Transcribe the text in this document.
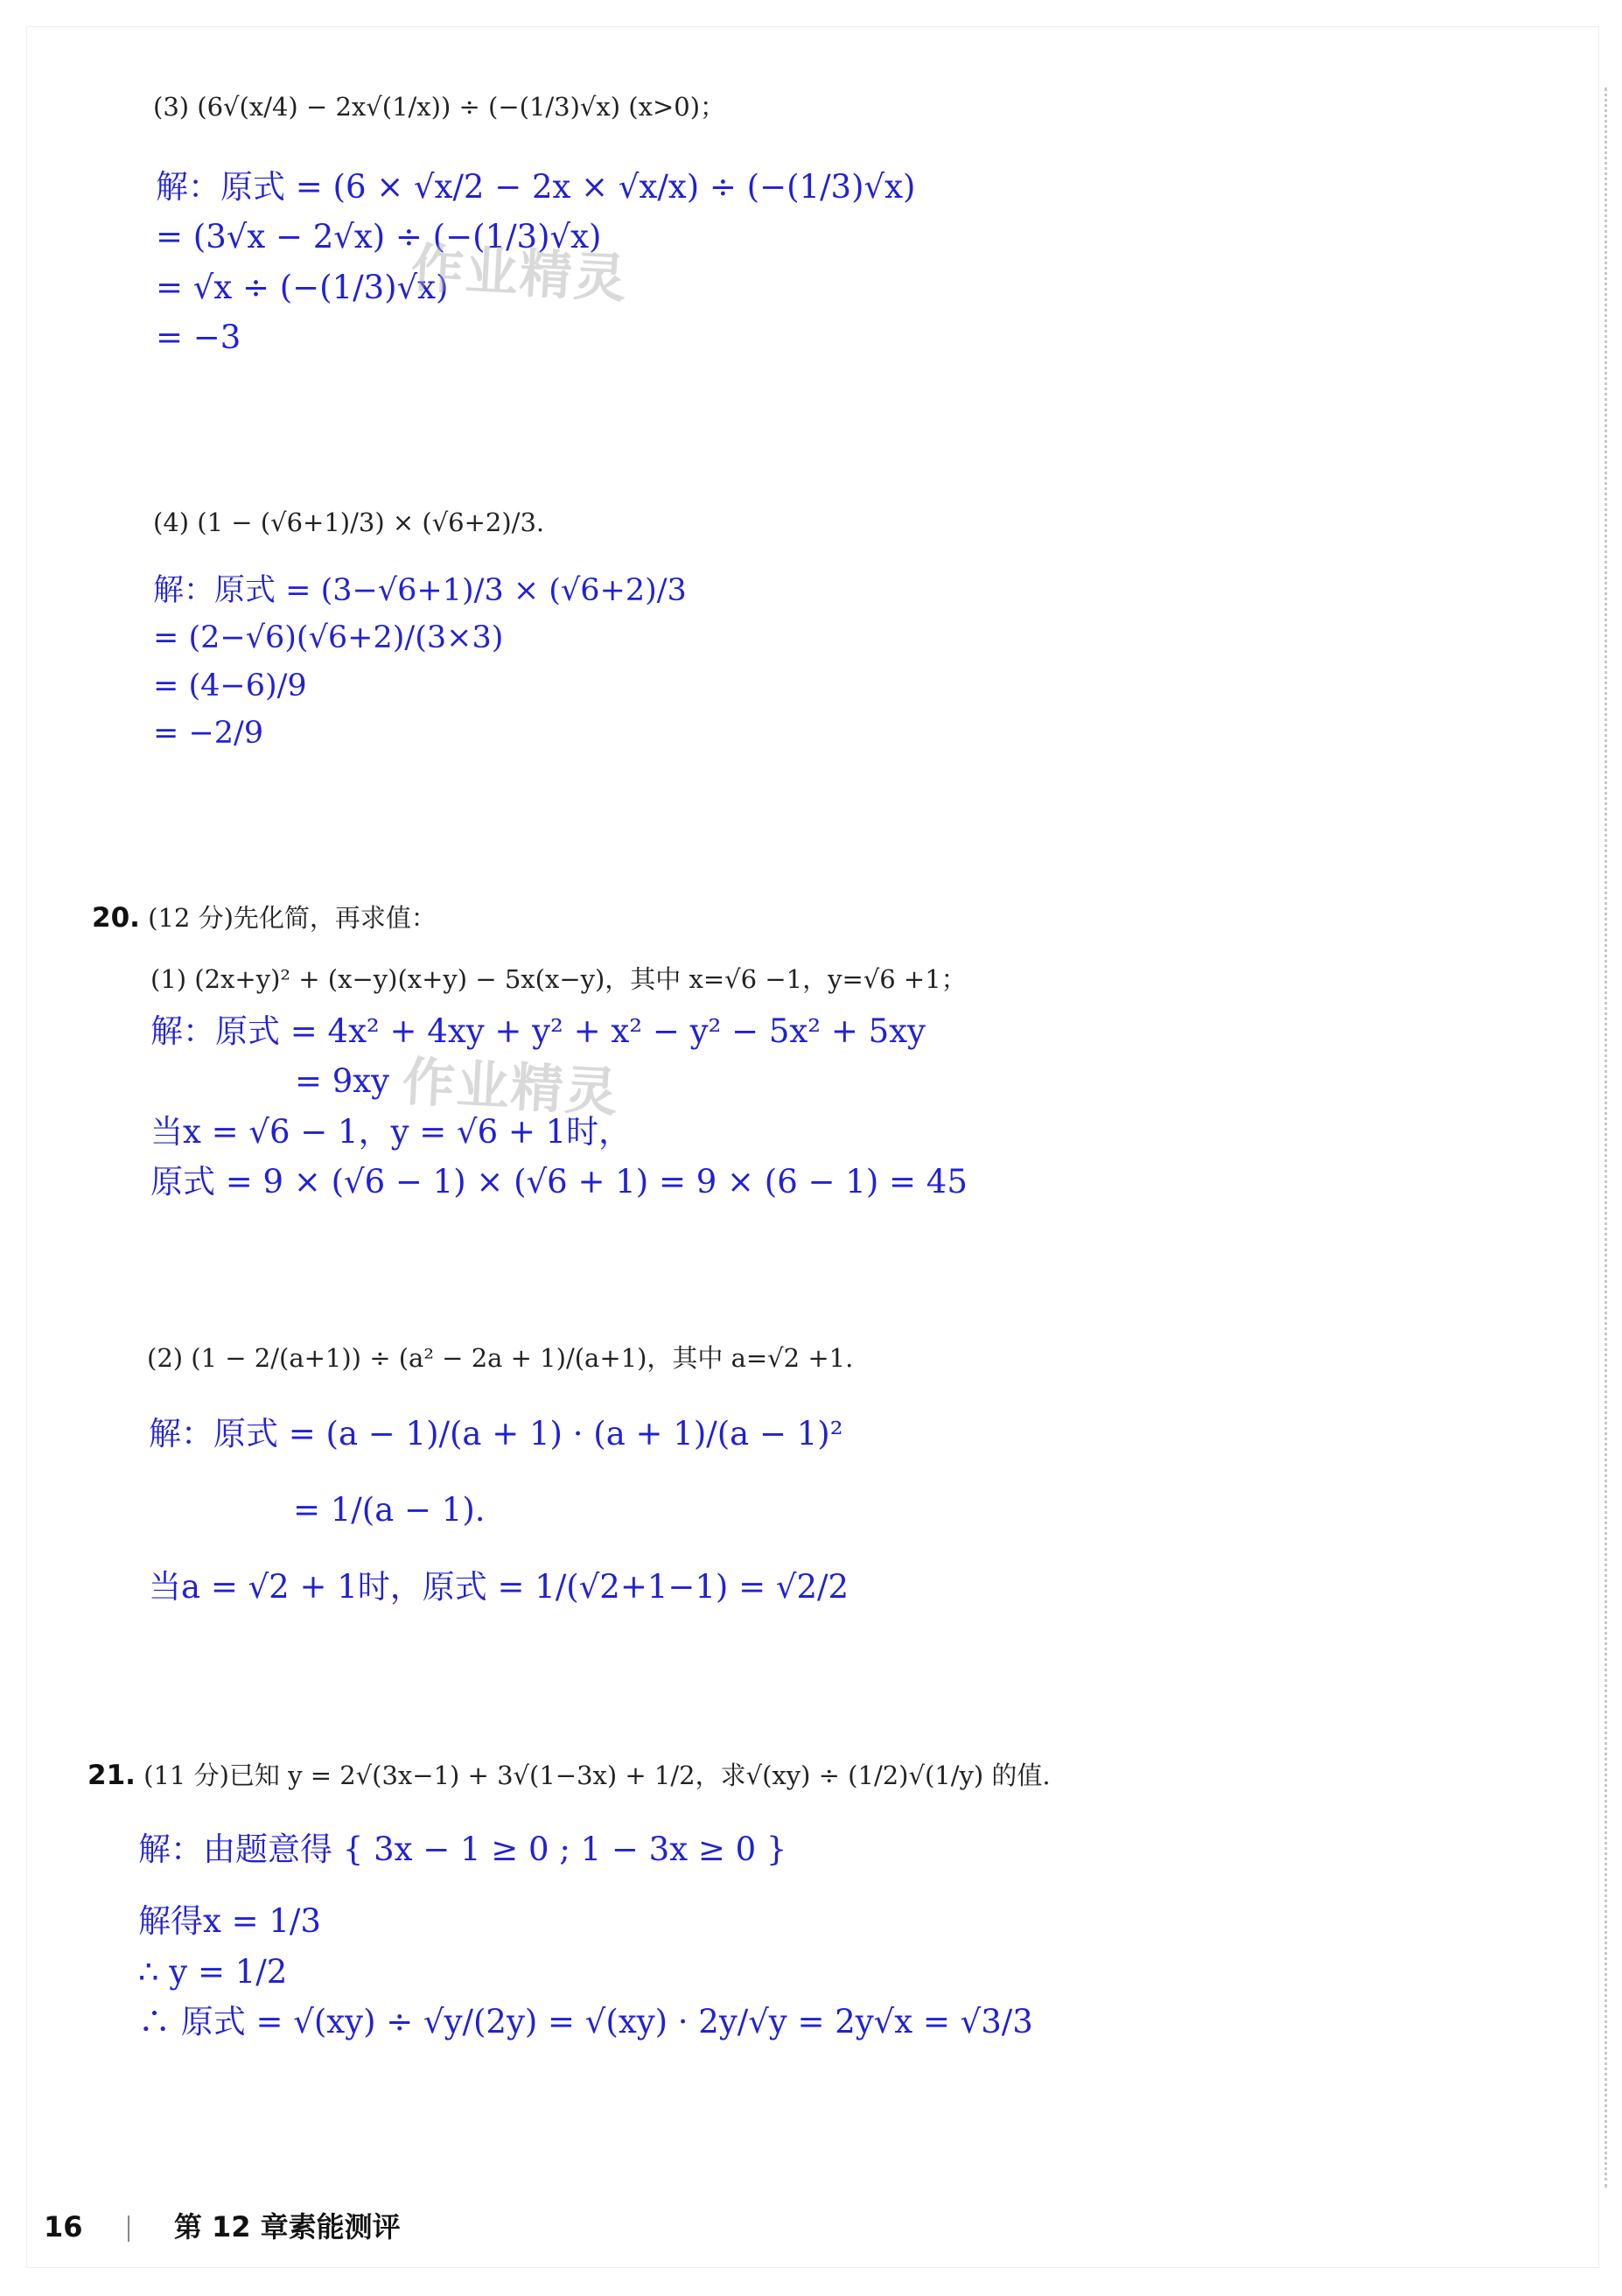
(3) (6√(x/4) − 2x√(1/x)) ÷ (−(1/3)√x) (x>0)；
解：原式 = (6 × √x/2 − 2x × √x/x) ÷ (−(1/3)√x)
= (3√x − 2√x) ÷ (−(1/3)√x)
= √x ÷ (−(1/3)√x)
= −3
作业精灵
(4) (1 − (√6+1)/3) × (√6+2)/3.
解：原式 = (3−√6+1)/3 × (√6+2)/3
= (2−√6)(√6+2)/(3×3)
= (4−6)/9
= −2/9
20. (12 分)先化简，再求值：
(1) (2x+y)² + (x−y)(x+y) − 5x(x−y)，其中 x=√6 −1，y=√6 +1；
解：原式 = 4x² + 4xy + y² + x² − y² − 5x² + 5xy
= 9xy
当x = √6 − 1，y = √6 + 1时，
原式 = 9 × (√6 − 1) × (√6 + 1) = 9 × (6 − 1) = 45
作业精灵
(2) (1 − 2/(a+1)) ÷ (a² − 2a + 1)/(a+1)，其中 a=√2 +1.
解：原式 = (a − 1)/(a + 1) · (a + 1)/(a − 1)²
= 1/(a − 1).
当a = √2 + 1时，原式 = 1/(√2+1−1) = √2/2
21. (11 分)已知 y = 2√(3x−1) + 3√(1−3x) + 1/2，求√(xy) ÷ (1/2)√(1/y) 的值.
解：由题意得 { 3x − 1 ≥ 0 ; 1 − 3x ≥ 0 }
解得x = 1/3
∴ y = 1/2
∴ 原式 = √(xy) ÷ √y/(2y) = √(xy) · 2y/√y = 2y√x = √3/3
16	第 12 章素能测评
